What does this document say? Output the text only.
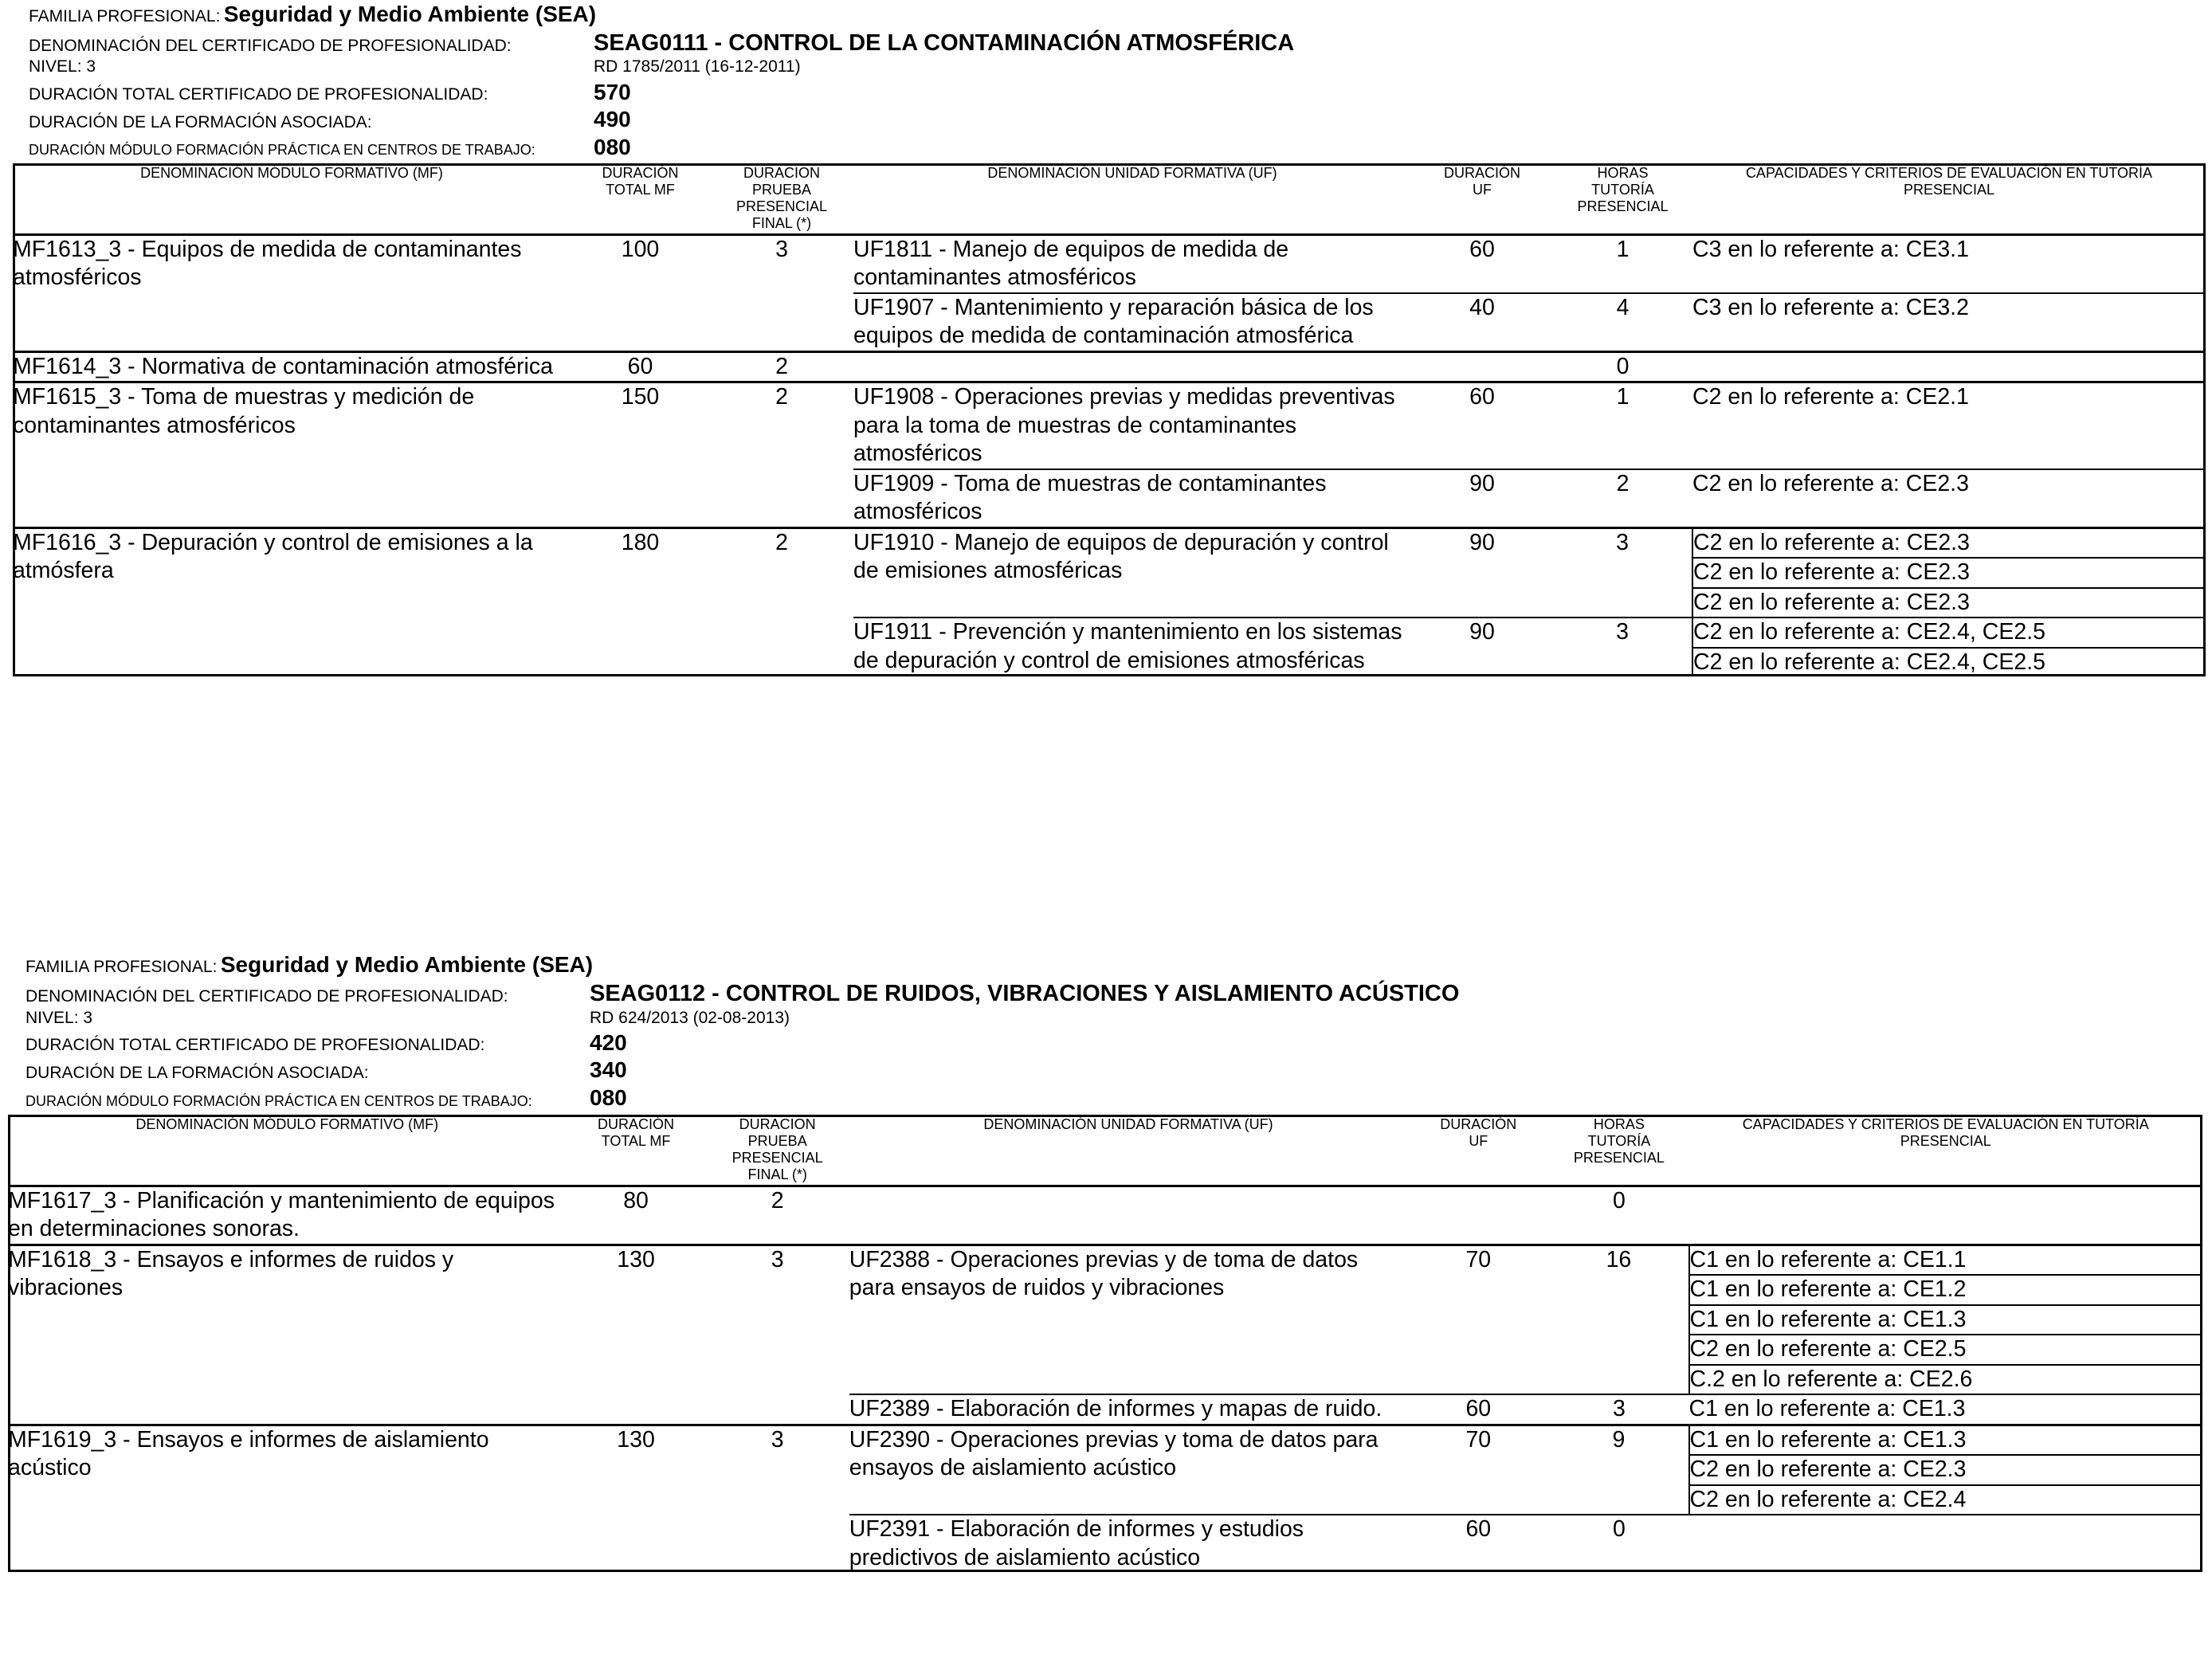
FAMILIA PROFESIONAL: Seguridad y Medio Ambiente (SEA)
DENOMINACIÓN DEL CERTIFICADO DE PROFESIONALIDAD:	SEAG0111 - CONTROL DE LA CONTAMINACIÓN ATMOSFÉRICA
NIVEL: 3	RD 1785/2011 (16-12-2011)
DURACIÓN TOTAL CERTIFICADO DE PROFESIONALIDAD:	570
DURACIÓN DE LA FORMACIÓN ASOCIADA:	490
DURACIÓN MÓDULO FORMACIÓN PRÁCTICA EN CENTROS DE TRABAJO:	080
DENOMINACIÓN MÓDULO FORMATIVO (MF)	DURACIÓN TOTAL MF	DURACION PRUEBA PRESENCIAL FINAL (*)	DENOMINACIÓN UNIDAD FORMATIVA (UF)	DURACIÓN UF	HORAS TUTORÍA PRESENCIAL	CAPACIDADES Y CRITERIOS DE EVALUACIÓN EN TUTORÍA PRESENCIAL
MF1613_3 - Equipos de medida de contaminantes atmosféricos	100	3	UF1811 - Manejo de equipos de medida de contaminantes atmosféricos	60	1	C3 en lo referente a: CE3.1
			UF1907 - Mantenimiento y reparación básica de los equipos de medida de contaminación atmosférica	40	4	C3 en lo referente a: CE3.2
MF1614_3 - Normativa de contaminación atmosférica	60	2			0	
MF1615_3 - Toma de muestras y medición de contaminantes atmosféricos	150	2	UF1908 - Operaciones previas y medidas preventivas para la toma de muestras de contaminantes atmosféricos	60	1	C2 en lo referente a: CE2.1
			UF1909 - Toma de muestras de contaminantes atmosféricos	90	2	C2 en lo referente a: CE2.3
MF1616_3 - Depuración y control de emisiones a la atmósfera	180	2	UF1910 - Manejo de equipos de depuración y control de emisiones atmosféricas	90	3	C2 en lo referente a: CE2.3
						C2 en lo referente a: CE2.3
						C2 en lo referente a: CE2.3
			UF1911 - Prevención y mantenimiento en los sistemas de depuración y control de emisiones atmosféricas	90	3	C2 en lo referente a: CE2.4, CE2.5
						C2 en lo referente a: CE2.4, CE2.5
FAMILIA PROFESIONAL: Seguridad y Medio Ambiente (SEA)
DENOMINACIÓN DEL CERTIFICADO DE PROFESIONALIDAD:	SEAG0112 - CONTROL DE RUIDOS, VIBRACIONES Y AISLAMIENTO ACÚSTICO
NIVEL: 3	RD 624/2013 (02-08-2013)
DURACIÓN TOTAL CERTIFICADO DE PROFESIONALIDAD:	420
DURACIÓN DE LA FORMACIÓN ASOCIADA:	340
DURACIÓN MÓDULO FORMACIÓN PRÁCTICA EN CENTROS DE TRABAJO:	080
DENOMINACIÓN MÓDULO FORMATIVO (MF)	DURACIÓN TOTAL MF	DURACION PRUEBA PRESENCIAL FINAL (*)	DENOMINACIÓN UNIDAD FORMATIVA (UF)	DURACIÓN UF	HORAS TUTORÍA PRESENCIAL	CAPACIDADES Y CRITERIOS DE EVALUACIÓN EN TUTORÍA PRESENCIAL
MF1617_3 - Planificación y mantenimiento de equipos en determinaciones sonoras.	80	2			0	
MF1618_3 - Ensayos e informes de ruidos y vibraciones	130	3	UF2388 - Operaciones previas y de toma de datos para ensayos de ruidos y vibraciones	70	16	C1 en lo referente a: CE1.1
						C1 en lo referente a: CE1.2
						C1 en lo referente a: CE1.3
						C2 en lo referente a: CE2.5
						C.2 en lo referente a: CE2.6
			UF2389 - Elaboración de informes y mapas de ruido.	60	3	C1 en lo referente a: CE1.3
MF1619_3 - Ensayos e informes de aislamiento acústico	130	3	UF2390 - Operaciones previas y toma de datos para ensayos de aislamiento acústico	70	9	C1 en lo referente a: CE1.3
						C2 en lo referente a: CE2.3
						C2 en lo referente a: CE2.4
			UF2391 - Elaboración de informes y estudios predictivos de aislamiento acústico	60	0	
